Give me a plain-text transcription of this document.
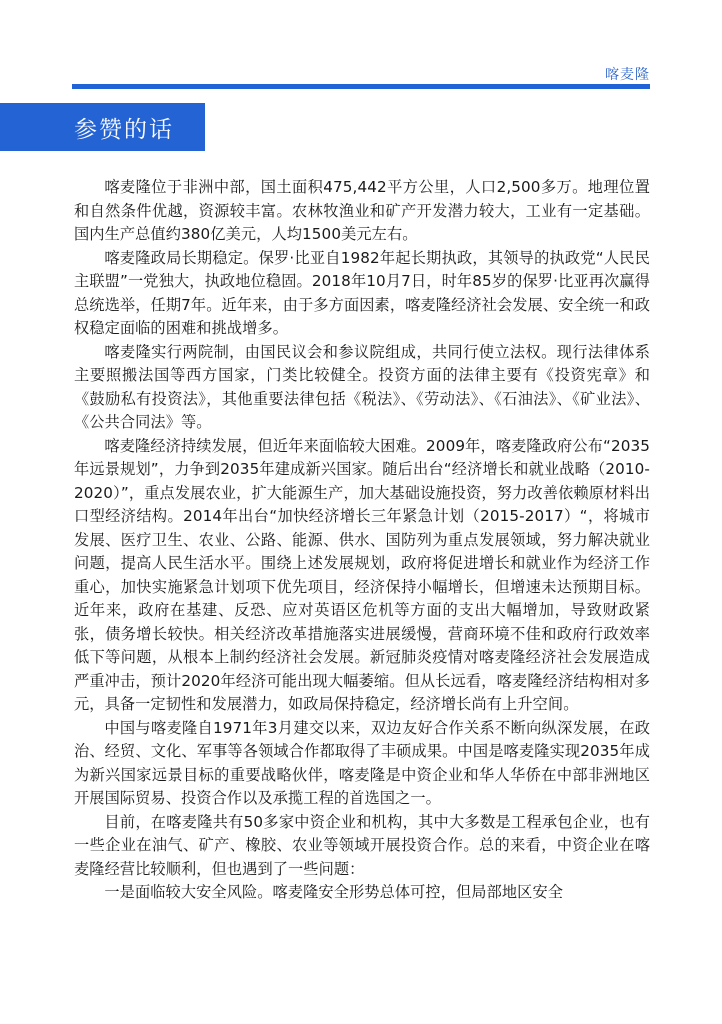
喀麦隆
参赞的话

喀麦隆位于非洲中部，国土面积475,442平方公里，人口2,500多万。地理位置和自然条件优越，资源较丰富。农林牧渔业和矿产开发潜力较大，工业有一定基础。国内生产总值约380亿美元，人均1500美元左右。

喀麦隆政局长期稳定。保罗·比亚自1982年起长期执政，其领导的执政党“人民民主联盟”一党独大，执政地位稳固。2018年10月7日，时年85岁的保罗·比亚再次赢得总统选举，任期7年。近年来，由于多方面因素，喀麦隆经济社会发展、安全统一和政权稳定面临的困难和挑战增多。

喀麦隆实行两院制，由国民议会和参议院组成，共同行使立法权。现行法律体系主要照搬法国等西方国家，门类比较健全。投资方面的法律主要有《投资宪章》和《鼓励私有投资法》，其他重要法律包括《税法》、《劳动法》、《石油法》、《矿业法》、《公共合同法》等。

喀麦隆经济持续发展，但近年来面临较大困难。2009年，喀麦隆政府公布“2035年远景规划”，力争到2035年建成新兴国家。随后出台“经济增长和就业战略（2010-2020）”，重点发展农业，扩大能源生产，加大基础设施投资，努力改善依赖原材料出口型经济结构。2014年出台“加快经济增长三年紧急计划（2015-2017）“，将城市发展、医疗卫生、农业、公路、能源、供水、国防列为重点发展领域，努力解决就业问题，提高人民生活水平。围绕上述发展规划，政府将促进增长和就业作为经济工作重心，加快实施紧急计划项下优先项目，经济保持小幅增长，但增速未达预期目标。近年来，政府在基建、反恐、应对英语区危机等方面的支出大幅增加，导致财政紧张，债务增长较快。相关经济改革措施落实进展缓慢，营商环境不佳和政府行政效率低下等问题，从根本上制约经济社会发展。新冠肺炎疫情对喀麦隆经济社会发展造成严重冲击，预计2020年经济可能出现大幅萎缩。但从长远看，喀麦隆经济结构相对多元，具备一定韧性和发展潜力，如政局保持稳定，经济增长尚有上升空间。

中国与喀麦隆自1971年3月建交以来，双边友好合作关系不断向纵深发展，在政治、经贸、文化、军事等各领域合作都取得了丰硕成果。中国是喀麦隆实现2035年成为新兴国家远景目标的重要战略伙伴，喀麦隆是中资企业和华人华侨在中部非洲地区开展国际贸易、投资合作以及承揽工程的首选国之一。

目前，在喀麦隆共有50多家中资企业和机构，其中大多数是工程承包企业，也有一些企业在油气、矿产、橡胶、农业等领域开展投资合作。总的来看，中资企业在喀麦隆经营比较顺利，但也遇到了一些问题：

一是面临较大安全风险。喀麦隆安全形势总体可控，但局部地区安全
